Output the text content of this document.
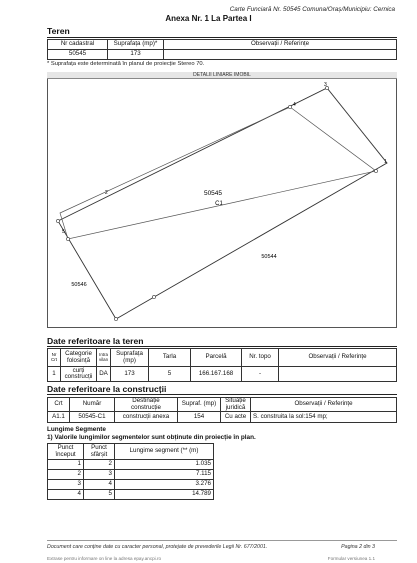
Carte Funciară Nr. 50545 Comuna/Oraș/Municipiu: Cernica
Anexa Nr. 1 La Partea I
Teren
Nr cadastral	Suprafața (mp)*	Observații / Referințe
50545	173	
* Suprafața este determinată în planul de proiecție Stereo 70.
50545
C1
50544
50546
2
4
3
1
5
DETALII LINIARE IMOBIL
Date referitoare la teren
Nr Crt	Categorie folosință	Intra vilan	Suprafața (mp)	Tarla	Parcelă	Nr. topo	Observații / Referințe
1	curți construcții	DA	173	5	166.167.168	-	
Date referitoare la construcții
Crt	Număr	Destinație construcție	Supraf. (mp)	Situație juridică	Observații / Referințe
A1.1	50545-C1	construcții anexa	154	Cu acte	S. construita la sol:154 mp;
Lungime Segmente
1) Valorile lungimilor segmentelor sunt obținute din proiecție în plan.
Punct început	Punct sfârșit	Lungime segment (** (m)
1	2	1.035
2	3	7.115
3	4	3.276
4	5	14.789
Document care conține date cu caracter personal, protejate de prevederile Legii Nr. 677/2001.	Pagina 2 din 3
Extrase pentru informare on line la adresa epay.ancpi.ro	Formular versiunea 1.1
